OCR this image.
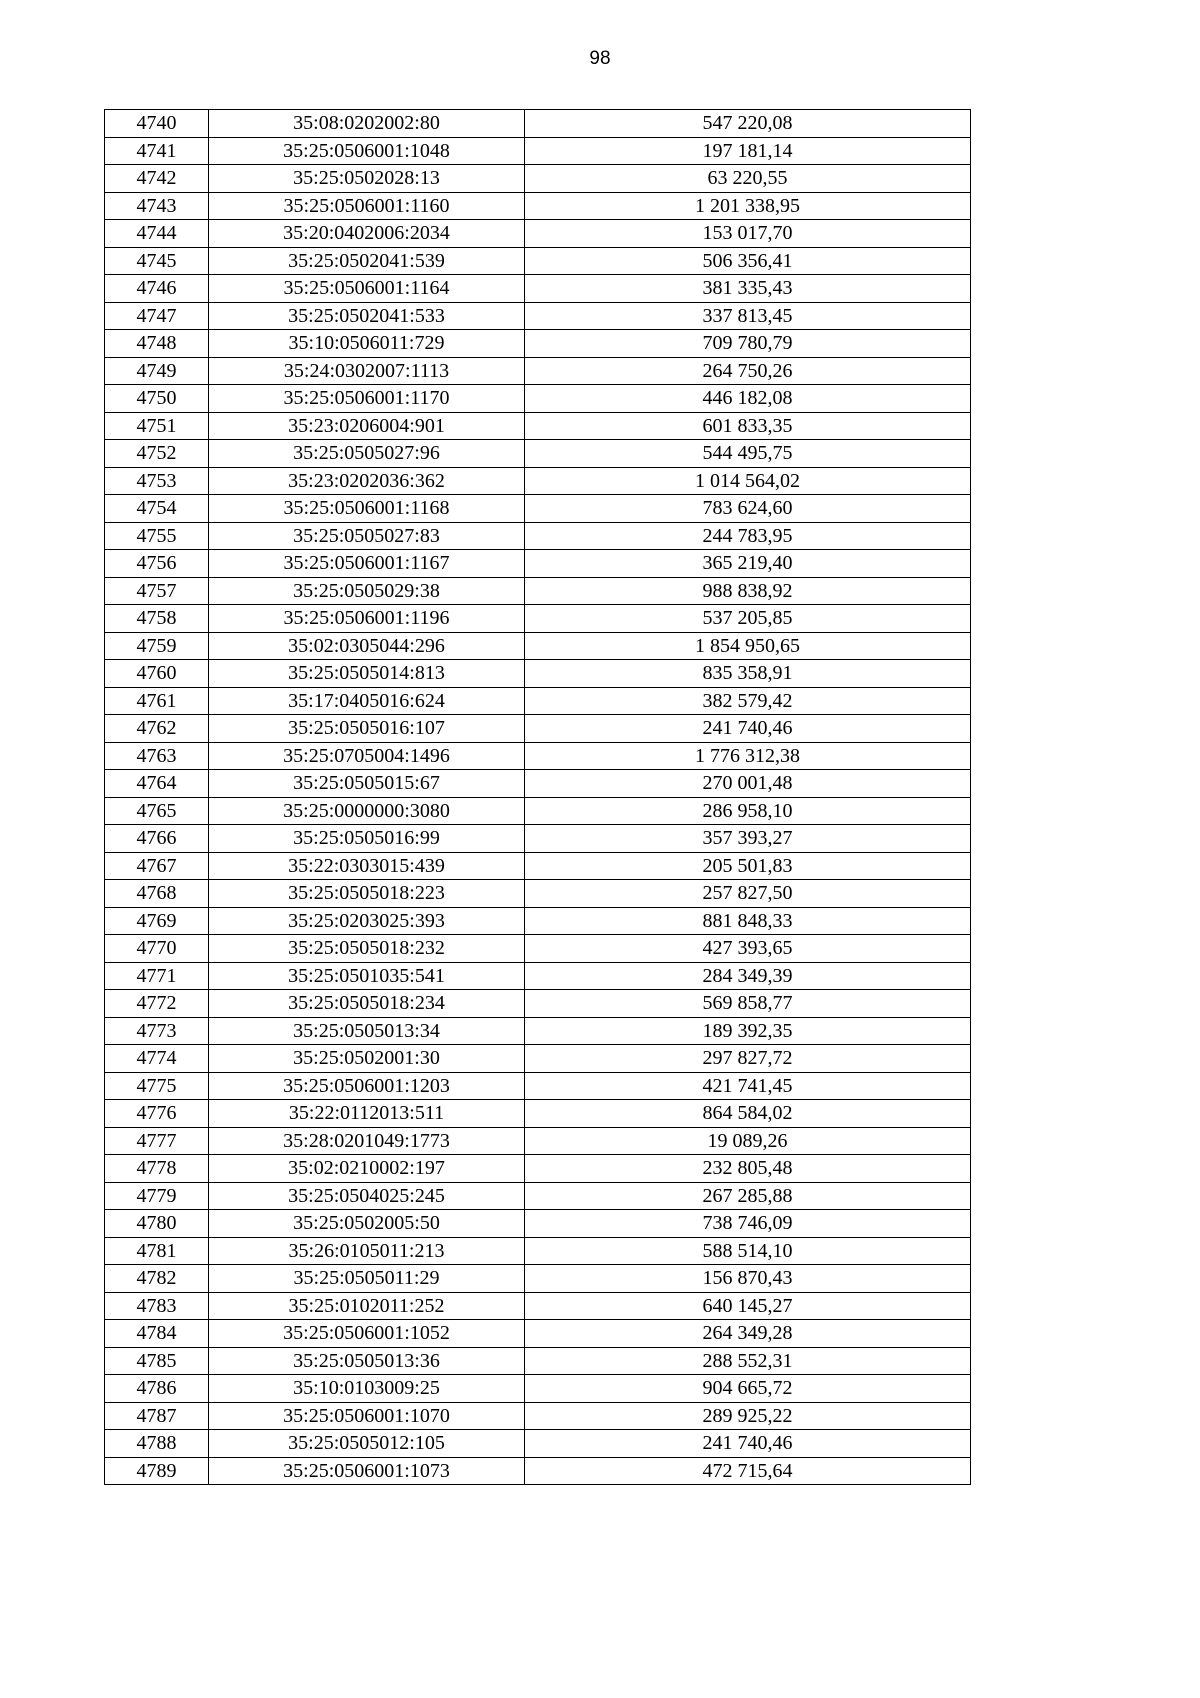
98
4740	35:08:0202002:80	547 220,08
4741	35:25:0506001:1048	197 181,14
4742	35:25:0502028:13	63 220,55
4743	35:25:0506001:1160	1 201 338,95
4744	35:20:0402006:2034	153 017,70
4745	35:25:0502041:539	506 356,41
4746	35:25:0506001:1164	381 335,43
4747	35:25:0502041:533	337 813,45
4748	35:10:0506011:729	709 780,79
4749	35:24:0302007:1113	264 750,26
4750	35:25:0506001:1170	446 182,08
4751	35:23:0206004:901	601 833,35
4752	35:25:0505027:96	544 495,75
4753	35:23:0202036:362	1 014 564,02
4754	35:25:0506001:1168	783 624,60
4755	35:25:0505027:83	244 783,95
4756	35:25:0506001:1167	365 219,40
4757	35:25:0505029:38	988 838,92
4758	35:25:0506001:1196	537 205,85
4759	35:02:0305044:296	1 854 950,65
4760	35:25:0505014:813	835 358,91
4761	35:17:0405016:624	382 579,42
4762	35:25:0505016:107	241 740,46
4763	35:25:0705004:1496	1 776 312,38
4764	35:25:0505015:67	270 001,48
4765	35:25:0000000:3080	286 958,10
4766	35:25:0505016:99	357 393,27
4767	35:22:0303015:439	205 501,83
4768	35:25:0505018:223	257 827,50
4769	35:25:0203025:393	881 848,33
4770	35:25:0505018:232	427 393,65
4771	35:25:0501035:541	284 349,39
4772	35:25:0505018:234	569 858,77
4773	35:25:0505013:34	189 392,35
4774	35:25:0502001:30	297 827,72
4775	35:25:0506001:1203	421 741,45
4776	35:22:0112013:511	864 584,02
4777	35:28:0201049:1773	19 089,26
4778	35:02:0210002:197	232 805,48
4779	35:25:0504025:245	267 285,88
4780	35:25:0502005:50	738 746,09
4781	35:26:0105011:213	588 514,10
4782	35:25:0505011:29	156 870,43
4783	35:25:0102011:252	640 145,27
4784	35:25:0506001:1052	264 349,28
4785	35:25:0505013:36	288 552,31
4786	35:10:0103009:25	904 665,72
4787	35:25:0506001:1070	289 925,22
4788	35:25:0505012:105	241 740,46
4789	35:25:0506001:1073	472 715,64
